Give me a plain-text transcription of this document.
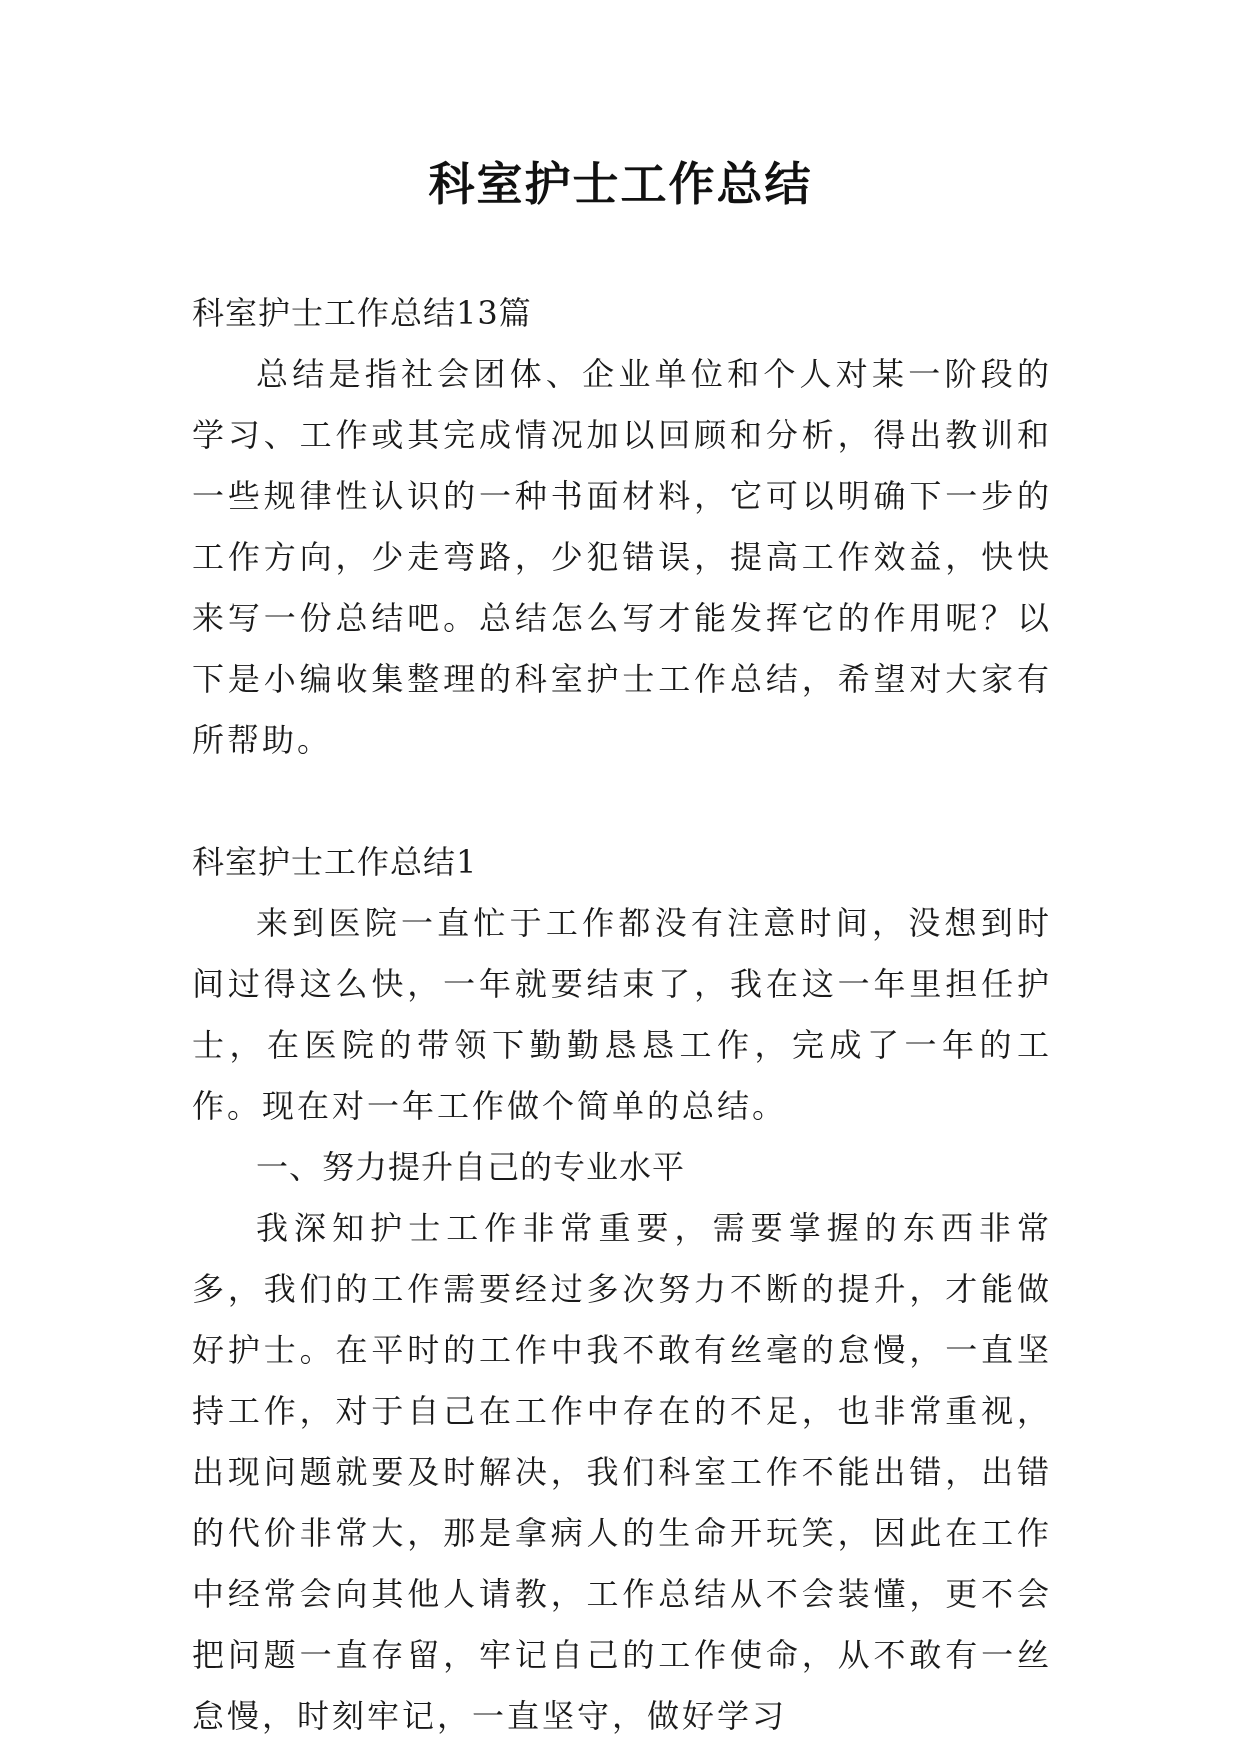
科室护士工作总结

科室护士工作总结13篇

总结是指社会团体、企业单位和个人对某一阶段的学习、工作或其完成情况加以回顾和分析，得出教训和一些规律性认识的一种书面材料，它可以明确下一步的工作方向，少走弯路，少犯错误，提高工作效益，快快来写一份总结吧。总结怎么写才能发挥它的作用呢？以下是小编收集整理的科室护士工作总结，希望对大家有所帮助。

科室护士工作总结1

来到医院一直忙于工作都没有注意时间，没想到时间过得这么快，一年就要结束了，我在这一年里担任护士，在医院的带领下勤勤恳恳工作，完成了一年的工作。现在对一年工作做个简单的总结。

一、努力提升自己的专业水平

我深知护士工作非常重要，需要掌握的东西非常多，我们的工作需要经过多次努力不断的提升，才能做好护士。在平时的工作中我不敢有丝毫的怠慢，一直坚持工作，对于自己在工作中存在的不足，也非常重视，出现问题就要及时解决，我们科室工作不能出错，出错的代价非常大，那是拿病人的生命开玩笑，因此在工作中经常会向其他人请教，工作总结从不会装懂，更不会把问题一直存留，牢记自己的工作使命，从不敢有一丝怠慢，时刻牢记，一直坚守，做好学习
